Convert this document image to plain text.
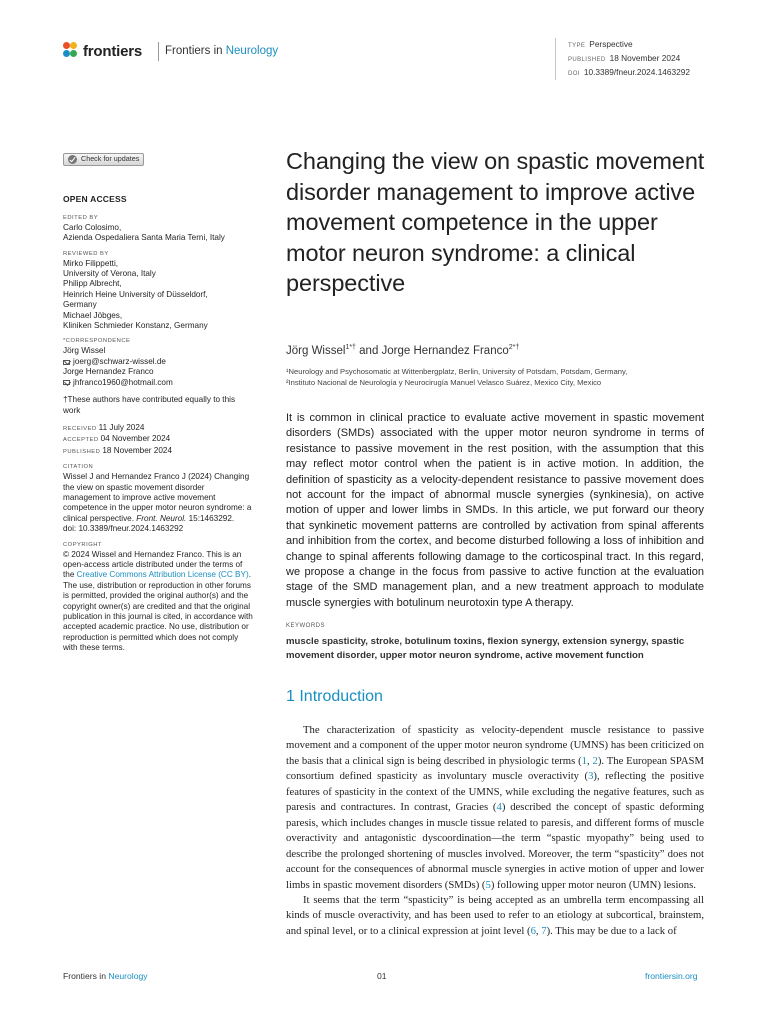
frontiers Frontiers in Neurology	TYPE Perspective
PUBLISHED 18 November 2024
DOI 10.3389/fneur.2024.1463292
Check for updates
OPEN ACCESS
EDITED BY
Carlo Colosimo,
Azienda Ospedaliera Santa Maria Terni, Italy
REVIEWED BY
Mirko Filippetti,
University of Verona, Italy
Philipp Albrecht,
Heinrich Heine University of Düsseldorf,
Germany
Michael Jöbges,
Kliniken Schmieder Konstanz, Germany
*CORRESPONDENCE
Jörg Wissel
joerg@schwarz-wissel.de
Jorge Hernandez Franco
jhfranco1960@hotmail.com
†These authors have contributed equally to this work
RECEIVED 11 July 2024
ACCEPTED 04 November 2024
PUBLISHED 18 November 2024
CITATION
Wissel J and Hernandez Franco J (2024) Changing the view on spastic movement disorder management to improve active movement competence in the upper motor neuron syndrome: a clinical perspective. Front. Neurol. 15:1463292.
doi: 10.3389/fneur.2024.1463292
COPYRIGHT
© 2024 Wissel and Hernandez Franco. This is an open-access article distributed under the terms of the Creative Commons Attribution License (CC BY). The use, distribution or reproduction in other forums is permitted, provided the original author(s) and the copyright owner(s) are credited and that the original publication in this journal is cited, in accordance with accepted academic practice. No use, distribution or reproduction is permitted which does not comply with these terms.
Changing the view on spastic movement disorder management to improve active movement competence in the upper motor neuron syndrome: a clinical perspective
Jörg Wissel$^{1*\dagger}$ and Jorge Hernandez Franco$^{2*\dagger}$
¹Neurology and Psychosomatic at Wittenbergplatz, Berlin, University of Potsdam, Potsdam, Germany,
²Instituto Nacional de Neurología y Neurocirugía Manuel Velasco Suárez, Mexico City, Mexico

It is common in clinical practice to evaluate active movement in spastic movement disorders (SMDs) associated with the upper motor neuron syndrome in terms of resistance to passive movement in the rest position, with the assumption that this may reflect motor control when the patient is in active motion. In addition, the definition of spasticity as a velocity-dependent resistance to passive movement does not account for the impact of abnormal muscle synergies (synkinesia), on active motion of upper and lower limbs in SMDs. In this article, we put forward our theory that synkinetic movement patterns are controlled by activation from spinal afferents and inhibition from the cortex, and become disturbed following a loss of inhibition and change to spinal afferents following damage to the corticospinal tract. In this regard, we propose a change in the focus from passive to active function at the evaluation stage of the SMD management plan, and a new treatment approach to modulate muscle synergies with botulinum neurotoxin type A therapy.

KEYWORDS
muscle spasticity, stroke, botulinum toxins, flexion synergy, extension synergy, spastic movement disorder, upper motor neuron syndrome, active movement function
1 Introduction

The characterization of spasticity as velocity-dependent muscle resistance to passive movement and a component of the upper motor neuron syndrome (UMNS) has been criticized on the basis that a clinical sign is being described in physiologic terms (1, 2). The European SPASM consortium defined spasticity as involuntary muscle overactivity (3), reflecting the positive features of spasticity in the context of the UMNS, while excluding the negative features, such as paresis and contractures. In contrast, Gracies (4) described the concept of spastic deforming paresis, which includes changes in muscle tissue related to paresis, and different forms of muscle overactivity and antagonistic dyscoordination—the term “spastic myopathy” being used to describe the prolonged shortening of muscles involved. Moreover, the term “spasticity” does not account for the consequences of abnormal muscle synergies in active motion of upper and lower limbs in spastic movement disorders (SMDs) (5) following upper motor neuron (UMN) lesions.

It seems that the term “spasticity” is being accepted as an umbrella term encompassing all kinds of muscle overactivity, and has been used to refer to an etiology at subcortical, brainstem, and spinal level, or to a clinical expression at joint level (6, 7). This may be due to a lack of

Frontiers in Neurology	01	frontiersin.org
